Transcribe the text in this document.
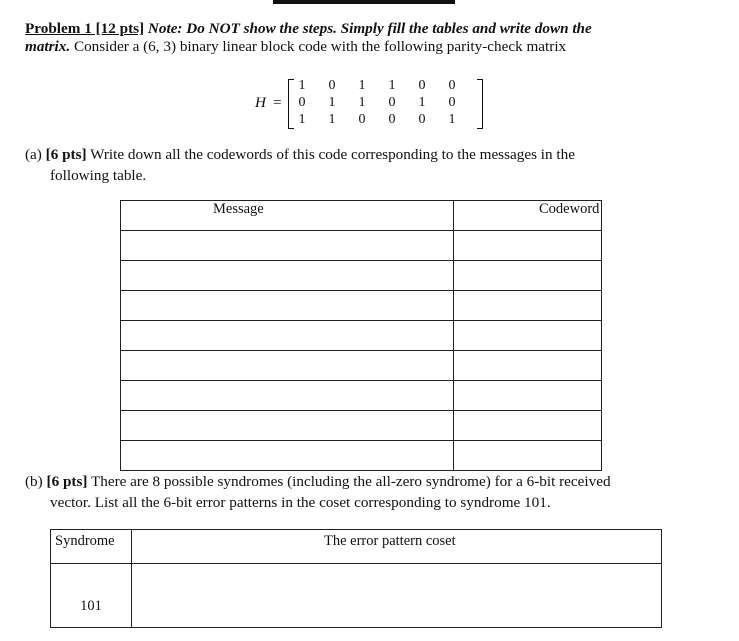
Problem 1 [12 pts] Note: Do NOT show the steps. Simply fill the tables and write down the
matrix. Consider a (6, 3) binary linear block code with the following parity-check matrix
H =
1 0 1 1 0 0
0 1 1 0 1 0
1 1 0 0 0 1
(a) [6 pts] Write down all the codewords of this code corresponding to the messages in the
following table.
Message	Codeword

(b) [6 pts] There are 8 possible syndromes (including the all-zero syndrome) for a 6-bit received
vector. List all the 6-bit error patterns in the coset corresponding to syndrome 101.
Syndrome	The error pattern coset
101	
